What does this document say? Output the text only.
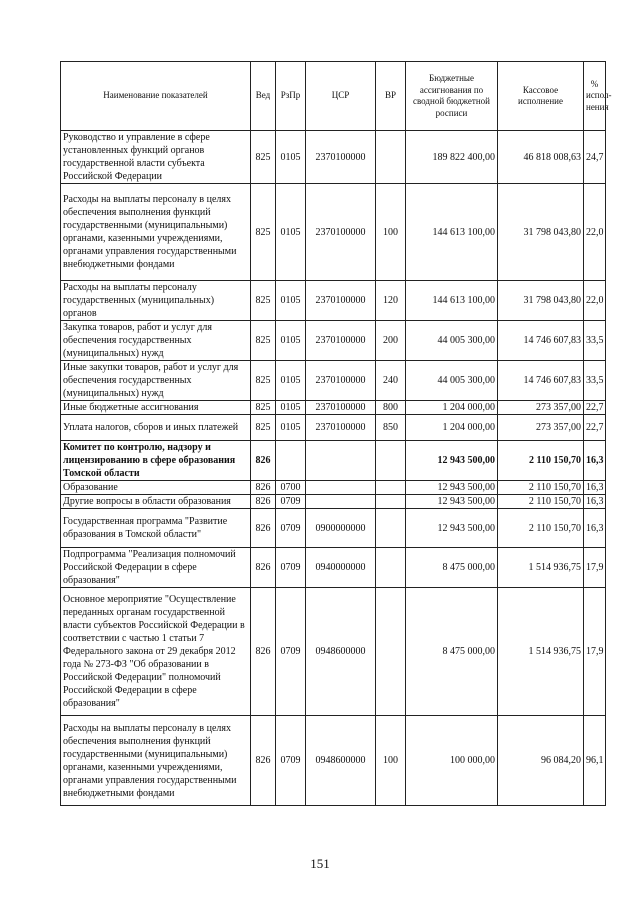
Наименование показателей	Вед	РзПр	ЦСР	ВР	Бюджетные ассигнования по сводной бюджетной росписи	Кассовое исполнение	% испол- нения
Руководство и управление в сфере установленных функций органов государственной власти субъекта Российской Федерации	825	0105	2370100000		189 822 400,00	46 818 008,63	24,7
Расходы на выплаты персоналу в целях обеспечения выполнения функций государственными (муниципальными) органами, казенными учреждениями, органами управления государственными внебюджетными фондами	825	0105	2370100000	100	144 613 100,00	31 798 043,80	22,0
Расходы на выплаты персоналу государственных (муниципальных) органов	825	0105	2370100000	120	144 613 100,00	31 798 043,80	22,0
Закупка товаров, работ и услуг для обеспечения государственных (муниципальных) нужд	825	0105	2370100000	200	44 005 300,00	14 746 607,83	33,5
Иные закупки товаров, работ и услуг для обеспечения государственных (муниципальных) нужд	825	0105	2370100000	240	44 005 300,00	14 746 607,83	33,5
Иные бюджетные ассигнования	825	0105	2370100000	800	1 204 000,00	273 357,00	22,7
Уплата налогов, сборов и иных платежей	825	0105	2370100000	850	1 204 000,00	273 357,00	22,7
Комитет по контролю, надзору и лицензированию в сфере образования Томской области	826				12 943 500,00	2 110 150,70	16,3
Образование	826	0700			12 943 500,00	2 110 150,70	16,3
Другие вопросы в области образования	826	0709			12 943 500,00	2 110 150,70	16,3
Государственная программа "Развитие образования в Томской области"	826	0709	0900000000		12 943 500,00	2 110 150,70	16,3
Подпрограмма "Реализация полномочий Российской Федерации в сфере образования"	826	0709	0940000000		8 475 000,00	1 514 936,75	17,9
Основное мероприятие "Осуществление переданных органам государственной власти субъектов Российской Федерации в соответствии с частью 1 статьи 7 Федерального закона от 29 декабря 2012 года № 273-ФЗ "Об образовании в Российской Федерации" полномочий Российской Федерации в сфере образования"	826	0709	0948600000		8 475 000,00	1 514 936,75	17,9
Расходы на выплаты персоналу в целях обеспечения выполнения функций государственными (муниципальными) органами, казенными учреждениями, органами управления государственными внебюджетными фондами	826	0709	0948600000	100	100 000,00	96 084,20	96,1
151
